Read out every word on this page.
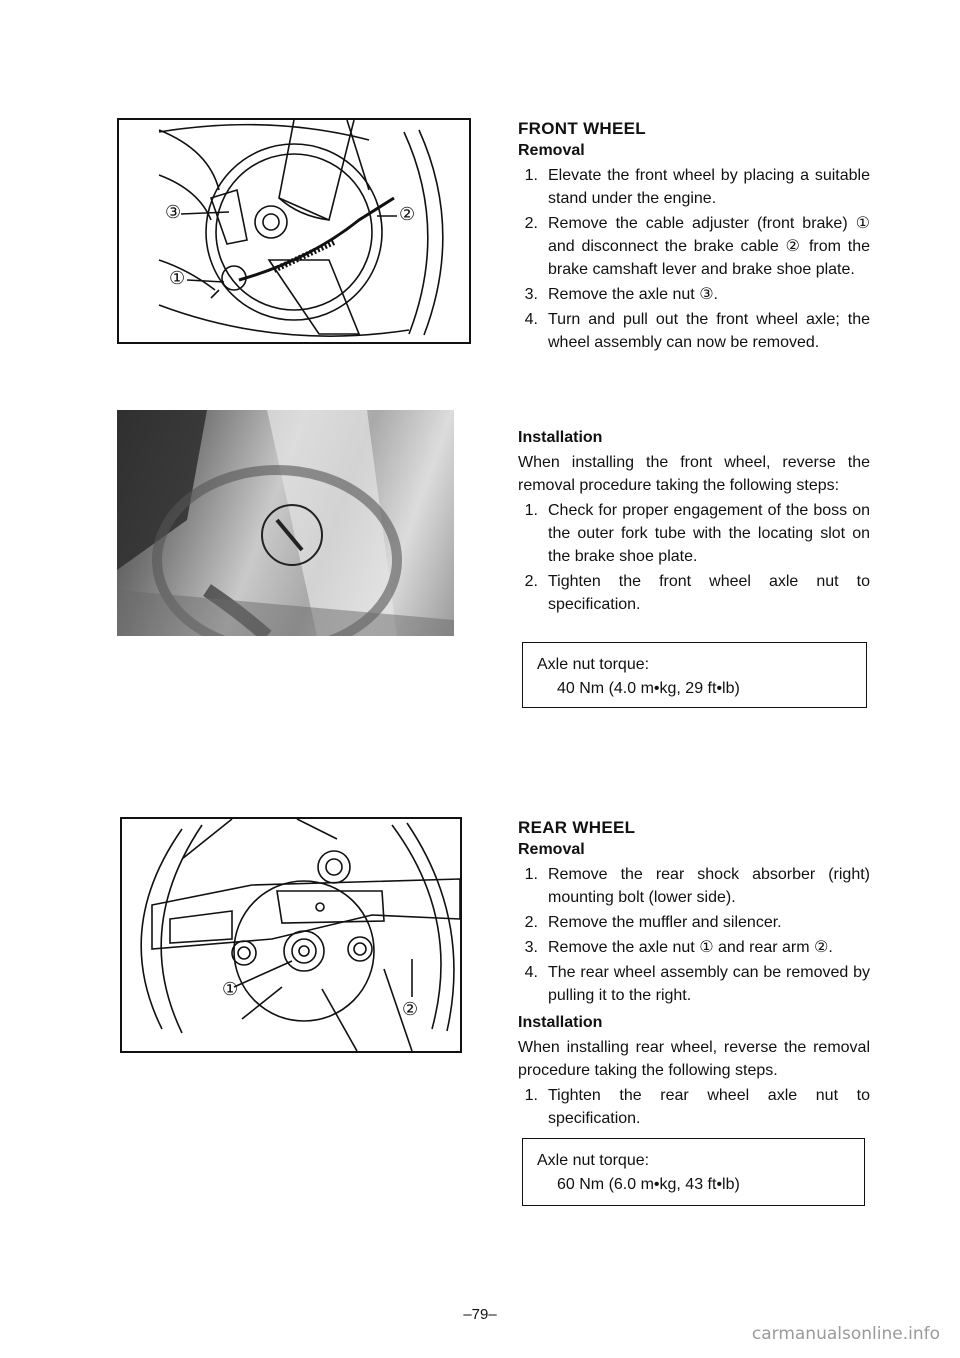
③
①
②
①
②
FRONT WHEEL
Removal
1. Elevate the front wheel by placing a suitable stand under the engine.
2. Remove the cable adjuster (front brake) ① and disconnect the brake cable ② from the brake camshaft lever and brake shoe plate.
3. Remove the axle nut ③.
4. Turn and pull out the front wheel axle; the wheel assembly can now be removed.
Installation
When installing the front wheel, reverse the removal procedure taking the following steps:
1. Check for proper engagement of the boss on the outer fork tube with the locating slot on the brake shoe plate.
2. Tighten the front wheel axle nut to specification.
Axle nut torque:
40 Nm (4.0 m•kg, 29 ft•lb)
REAR WHEEL
Removal
1. Remove the rear shock absorber (right) mounting bolt (lower side).
2. Remove the muffler and silencer.
3. Remove the axle nut ① and rear arm ②.
4. The rear wheel assembly can be removed by pulling it to the right.
Installation
When installing rear wheel, reverse the removal procedure taking the following steps.
1. Tighten the rear wheel axle nut to specification.
Axle nut torque:
60 Nm (6.0 m•kg, 43 ft•lb)
–79–
carmanualsonline.info
